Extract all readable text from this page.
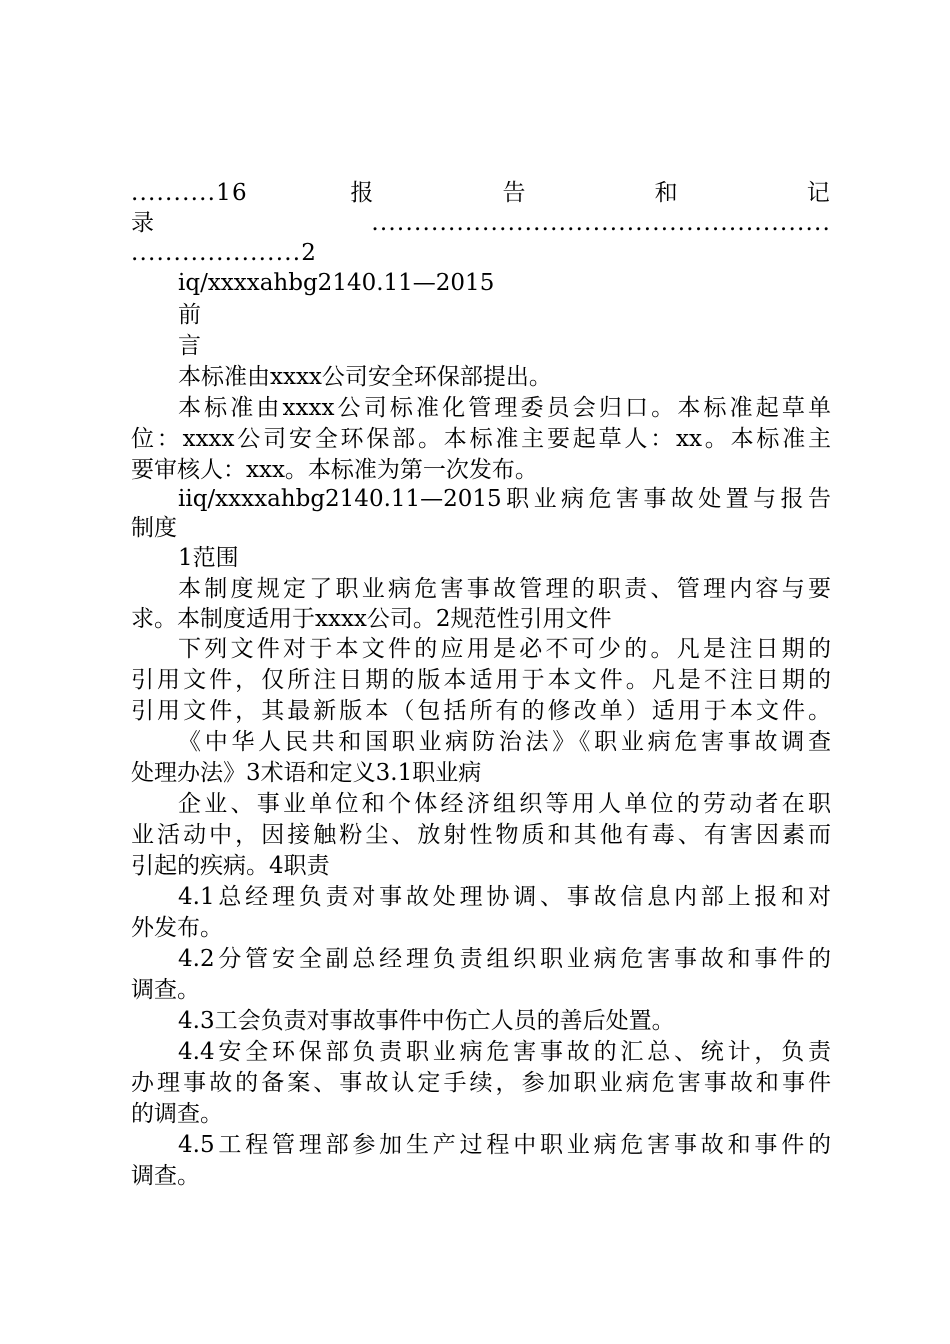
..........16　　　　报　　　　　告　　　　　和　　　　　记
录......................................................
....................2
iq/xxxxahbg2140.11—2015
前
言
本标准由xxxx公司安全环保部提出。
本标准由xxxx公司标准化管理委员会归口。本标准起草单
位：xxxx公司安全环保部。本标准主要起草人：xx。本标准主
要审核人：xxx。本标准为第一次发布。
iiq/xxxxahbg2140.11—2015职业病危害事故处置与报告
制度
1范围
本制度规定了职业病危害事故管理的职责、管理内容与要
求。本制度适用于xxxx公司。2规范性引用文件
下列文件对于本文件的应用是必不可少的。凡是注日期的
引用文件，仅所注日期的版本适用于本文件。凡是不注日期的
引用文件，其最新版本（包括所有的修改单）适用于本文件。
《中华人民共和国职业病防治法》《职业病危害事故调查
处理办法》3术语和定义3.1职业病
企业、事业单位和个体经济组织等用人单位的劳动者在职
业活动中，因接触粉尘、放射性物质和其他有毒、有害因素而
引起的疾病。4职责
4.1总经理负责对事故处理协调、事故信息内部上报和对
外发布。
4.2分管安全副总经理负责组织职业病危害事故和事件的
调查。
4.3工会负责对事故事件中伤亡人员的善后处置。
4.4安全环保部负责职业病危害事故的汇总、统计，负责
办理事故的备案、事故认定手续，参加职业病危害事故和事件
的调查。
4.5工程管理部参加生产过程中职业病危害事故和事件的
调查。
